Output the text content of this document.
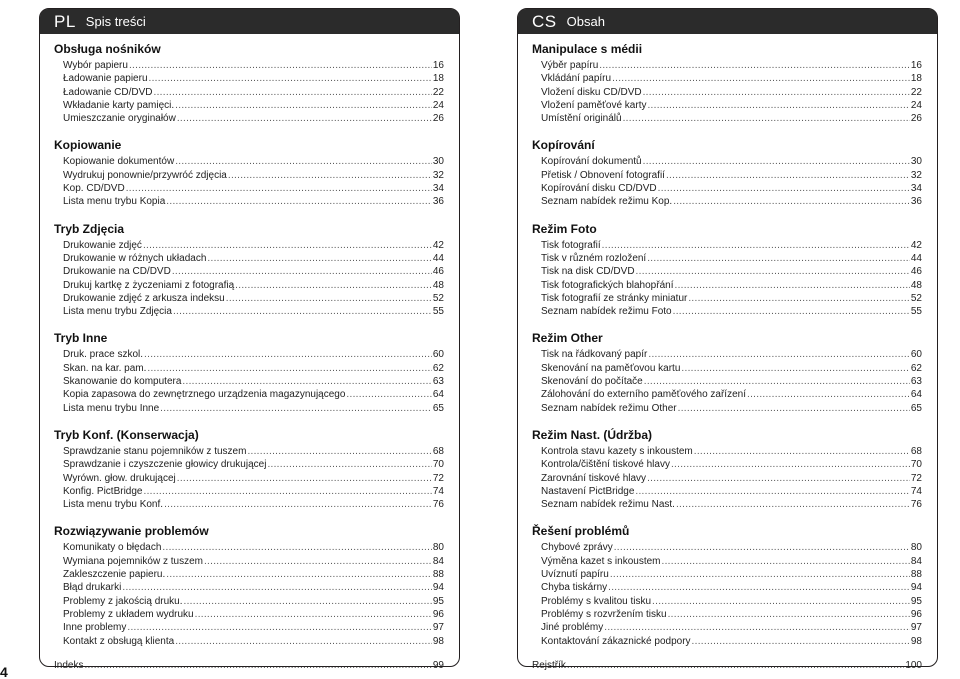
PL Spis treści
Obsługa nośników
Wybór papieru .....	16
Ładowanie papieru .....	18
Ładowanie CD/DVD .....	22
Wkładanie karty pamięci. .....	24
Umieszczanie oryginałów .....	26
Kopiowanie
Kopiowanie dokumentów .....	30
Wydrukuj ponownie/przywróć zdjęcia .....	32
Kop. CD/DVD .....	34
Lista menu trybu Kopia .....	36
Tryb Zdjęcia
Drukowanie zdjęć .....	42
Drukowanie w różnych układach .....	44
Drukowanie na CD/DVD .....	46
Drukuj kartkę z życzeniami z fotografią .....	48
Drukowanie zdjęć z arkusza indeksu .....	52
Lista menu trybu Zdjęcia .....	55
Tryb Inne
Druk. prace szkol. .....	60
Skan. na kar. pam. .....	62
Skanowanie do komputera .....	63
Kopia zapasowa do zewnętrznego urządzenia magazynującego .....	64
Lista menu trybu Inne .....	65
Tryb Konf. (Konserwacja)
Sprawdzanie stanu pojemników z tuszem .....	68
Sprawdzanie i czyszczenie głowicy drukującej .....	70
Wyrówn. głow. drukującej .....	72
Konfig. PictBridge .....	74
Lista menu trybu Konf. .....	76
Rozwiązywanie problemów
Komunikaty o błędach .....	80
Wymiana pojemników z tuszem .....	84
Zakleszczenie papieru. .....	88
Błąd drukarki .....	94
Problemy z jakością druku. .....	95
Problemy z układem wydruku .....	96
Inne problemy .....	97
Kontakt z obsługą klienta .....	98
Indeks .....	99
CS Obsah
Manipulace s médii
Výběr papíru .....	16
Vkládání papíru .....	18
Vložení disku CD/DVD .....	22
Vložení paměťové karty .....	24
Umístění originálů .....	26
Kopírování
Kopírování dokumentů .....	30
Přetisk / Obnovení fotografií .....	32
Kopírování disku CD/DVD .....	34
Seznam nabídek režimu Kop. .....	36
Režim Foto
Tisk fotografií .....	42
Tisk v různém rozložení .....	44
Tisk na disk CD/DVD .....	46
Tisk fotografických blahopřání .....	48
Tisk fotografií ze stránky miniatur .....	52
Seznam nabídek režimu Foto .....	55
Režim Other
Tisk na řádkovaný papír .....	60
Skenování na paměťovou kartu .....	62
Skenování do počítače .....	63
Zálohování do externího paměťového zařízení .....	64
Seznam nabídek režimu Other .....	65
Režim Nast. (Údržba)
Kontrola stavu kazety s inkoustem .....	68
Kontrola/čištění tiskové hlavy .....	70
Zarovnání tiskové hlavy .....	72
Nastavení PictBridge .....	74
Seznam nabídek režimu Nast. .....	76
Řešení problémů
Chybové zprávy .....	80
Výměna kazet s inkoustem .....	84
Uvíznutí papíru .....	88
Chyba tiskárny .....	94
Problémy s kvalitou tisku .....	95
Problémy s rozvržením tisku .....	96
Jiné problémy .....	97
Kontaktování zákaznické podpory .....	98
Rejstřík .....	100
4
